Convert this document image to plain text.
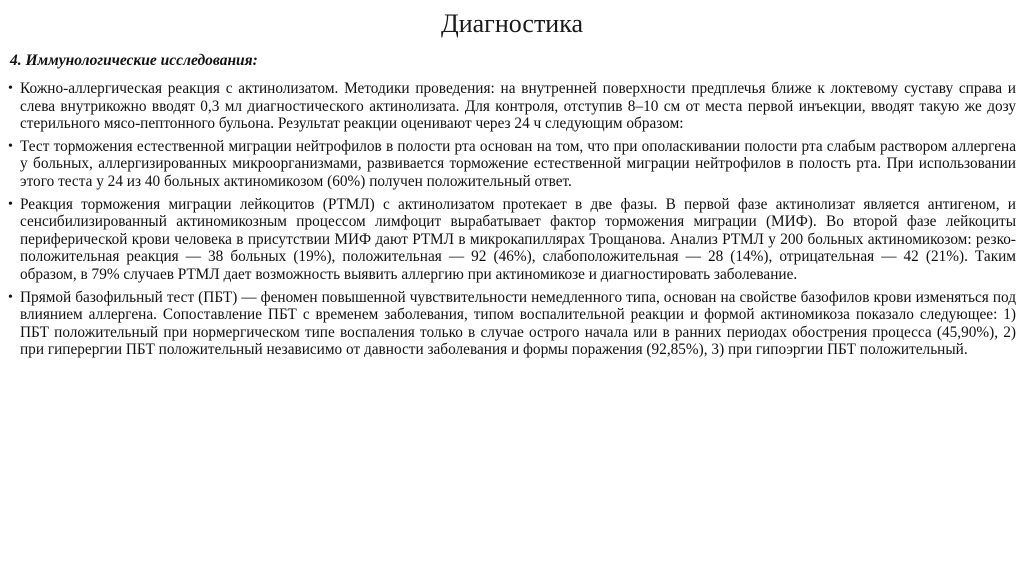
Диагностика
4. Иммунологические исследования:
• Кожно-аллергическая реакция с актинолизатом. Методики проведения: на внутренней поверхности предплечья ближе к локтевому суставу справа и слева внутрикожно вводят 0,3 мл диагностического актинолизата. Для контроля, отступив 8–10 см от места первой инъекции, вводят такую же дозу стерильного мясо-пептонного бульона. Результат реакции оценивают через 24 ч следующим образом:
• Тест торможения естественной миграции нейтрофилов в полости рта основан на том, что при ополаскивании полости рта слабым раствором аллергена у больных, аллергизированных микроорганизмами, развивается торможение естественной миграции нейтрофилов в полость рта. При использовании этого теста у 24 из 40 больных актиномикозом (60%) получен положительный ответ.
• Реакция торможения миграции лейкоцитов (РТМЛ) с актинолизатом протекает в две фазы. В первой фазе актинолизат является антигеном, и сенсибилизированный актиномикозным процессом лимфоцит вырабатывает фактор торможения миграции (МИФ). Во второй фазе лейкоциты периферической крови человека в присутствии МИФ дают РТМЛ в микрокапиллярах Трощанова. Анализ РТМЛ у 200 больных актиномикозом: резко-положительная реакция — 38 больных (19%), положительная — 92 (46%), слабоположительная — 28 (14%), отрицательная — 42 (21%). Таким образом, в 79% случаев РТМЛ дает возможность выявить аллергию при актиномикозе и диагностировать заболевание.
• Прямой базофильный тест (ПБТ) — феномен повышенной чувствительности немедленного типа, основан на свойстве базофилов крови изменяться под влиянием аллергена. Сопоставление ПБТ с временем заболевания, типом воспалительной реакции и формой актиномикоза показало следующее: 1) ПБТ положительный при нормергическом типе воспаления только в случае острого начала или в ранних периодах обострения процесса (45,90%), 2) при гиперергии ПБТ положительный независимо от давности заболевания и формы поражения (92,85%), 3) при гипоэргии ПБТ положительный.
